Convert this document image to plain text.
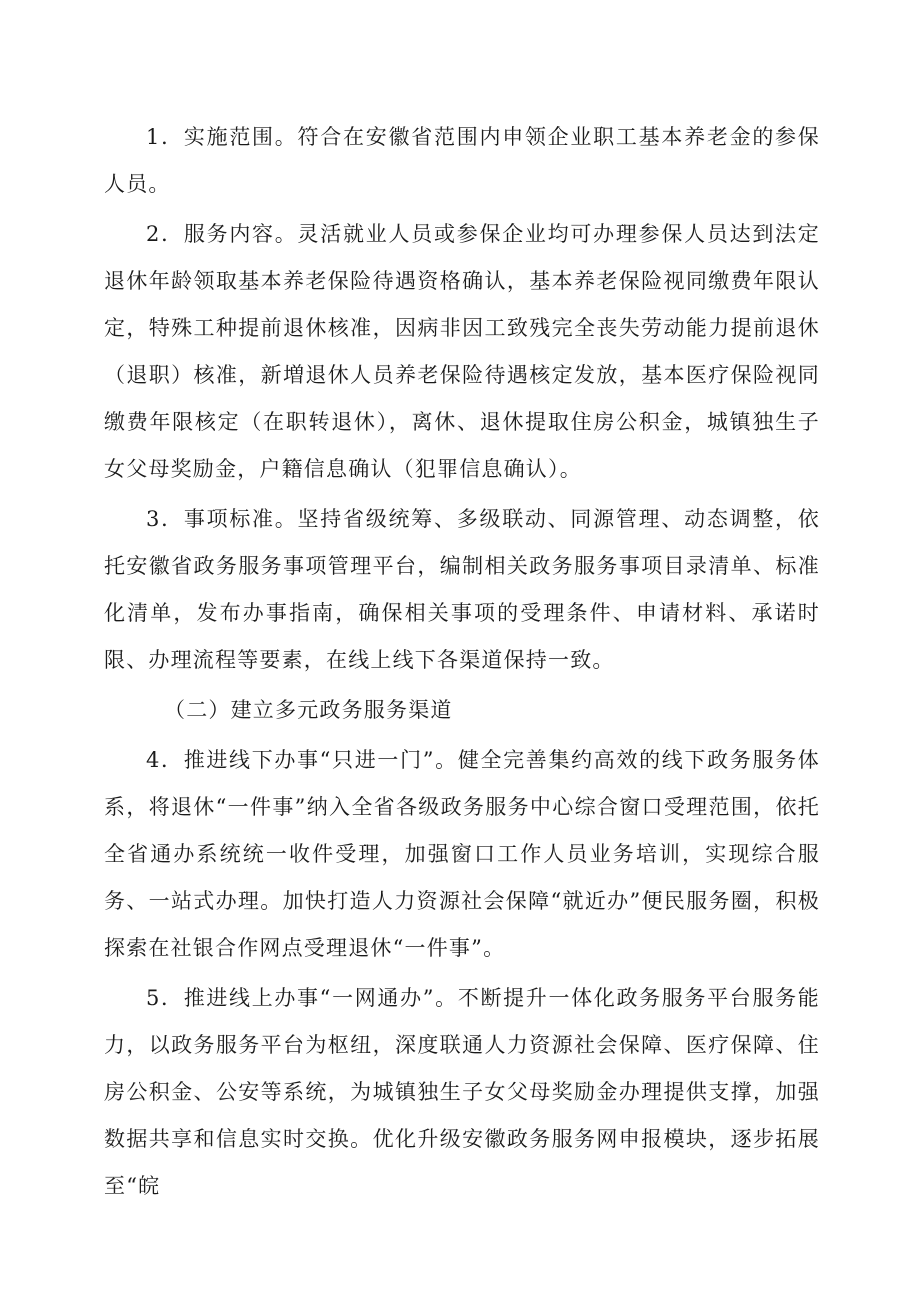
1．实施范围。符合在安徽省范围内申领企业职工基本养老金的参保人员。

2．服务内容。灵活就业人员或参保企业均可办理参保人员达到法定退休年龄领取基本养老保险待遇资格确认，基本养老保险视同缴费年限认定，特殊工种提前退休核准，因病非因工致残完全丧失劳动能力提前退休（退职）核准，新増退休人员养老保险待遇核定发放，基本医疗保险视同缴费年限核定（在职转退休），离休、退休提取住房公积金，城镇独生子女父母奖励金，户籍信息确认（犯罪信息确认）。

3．事项标准。坚持省级统筹、多级联动、同源管理、动态调整，依托安徽省政务服务事项管理平台，编制相关政务服务事项目录清单、标准化清单，发布办事指南，确保相关事项的受理条件、申请材料、承诺时限、办理流程等要素，在线上线下各渠道保持一致。

（二）建立多元政务服务渠道

4．推进线下办事“只进一门”。健全完善集约高效的线下政务服务体系，将退休“一件事”纳入全省各级政务服务中心综合窗口受理范围，依托全省通办系统统一收件受理，加强窗口工作人员业务培训，实现综合服务、一站式办理。加快打造人力资源社会保障“就近办”便民服务圈，积极探索在社银合作网点受理退休“一件事”。

5．推进线上办事“一网通办”。不断提升一体化政务服务平台服务能力，以政务服务平台为枢纽，深度联通人力资源社会保障、医疗保障、住房公积金、公安等系统，为城镇独生子女父母奖励金办理提供支撑，加强数据共享和信息实时交换。优化升级安徽政务服务网申报模块，逐步拓展至“皖
